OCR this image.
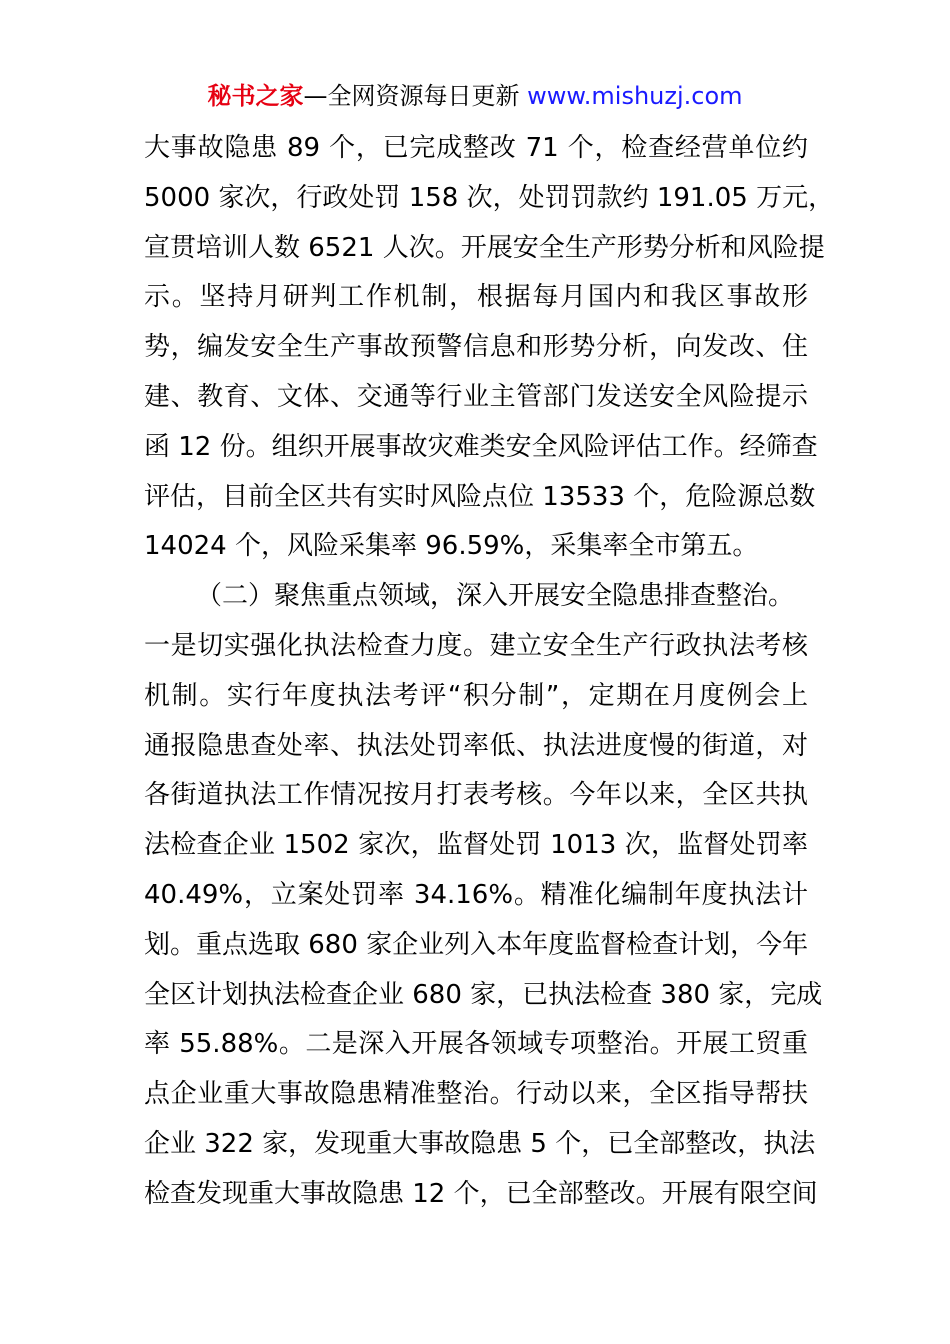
秘书之家—全网资源每日更新 www.mishuzj.com
大事故隐患 89 个，已完成整改 71 个，检查经营单位约
5000 家次，行政处罚 158 次，处罚罚款约 191.05 万元，
宣贯培训人数 6521 人次。开展安全生产形势分析和风险提
示。坚持月研判工作机制，根据每月国内和我区事故形
势，编发安全生产事故预警信息和形势分析，向发改、住
建、教育、文体、交通等行业主管部门发送安全风险提示
函 12 份。组织开展事故灾难类安全风险评估工作。经筛查
评估，目前全区共有实时风险点位 13533 个，危险源总数
14024 个，风险采集率 96.59%，采集率全市第五。
（二）聚焦重点领域，深入开展安全隐患排查整治。
一是切实强化执法检查力度。建立安全生产行政执法考核
机制。实行年度执法考评“积分制”，定期在月度例会上
通报隐患查处率、执法处罚率低、执法进度慢的街道，对
各街道执法工作情况按月打表考核。今年以来，全区共执
法检查企业 1502 家次，监督处罚 1013 次，监督处罚率
40.49%，立案处罚率 34.16%。精准化编制年度执法计
划。重点选取 680 家企业列入本年度监督检查计划，今年
全区计划执法检查企业 680 家，已执法检查 380 家，完成
率 55.88%。二是深入开展各领域专项整治。开展工贸重
点企业重大事故隐患精准整治。行动以来，全区指导帮扶
企业 322 家，发现重大事故隐患 5 个，已全部整改，执法
检查发现重大事故隐患 12 个，已全部整改。开展有限空间
